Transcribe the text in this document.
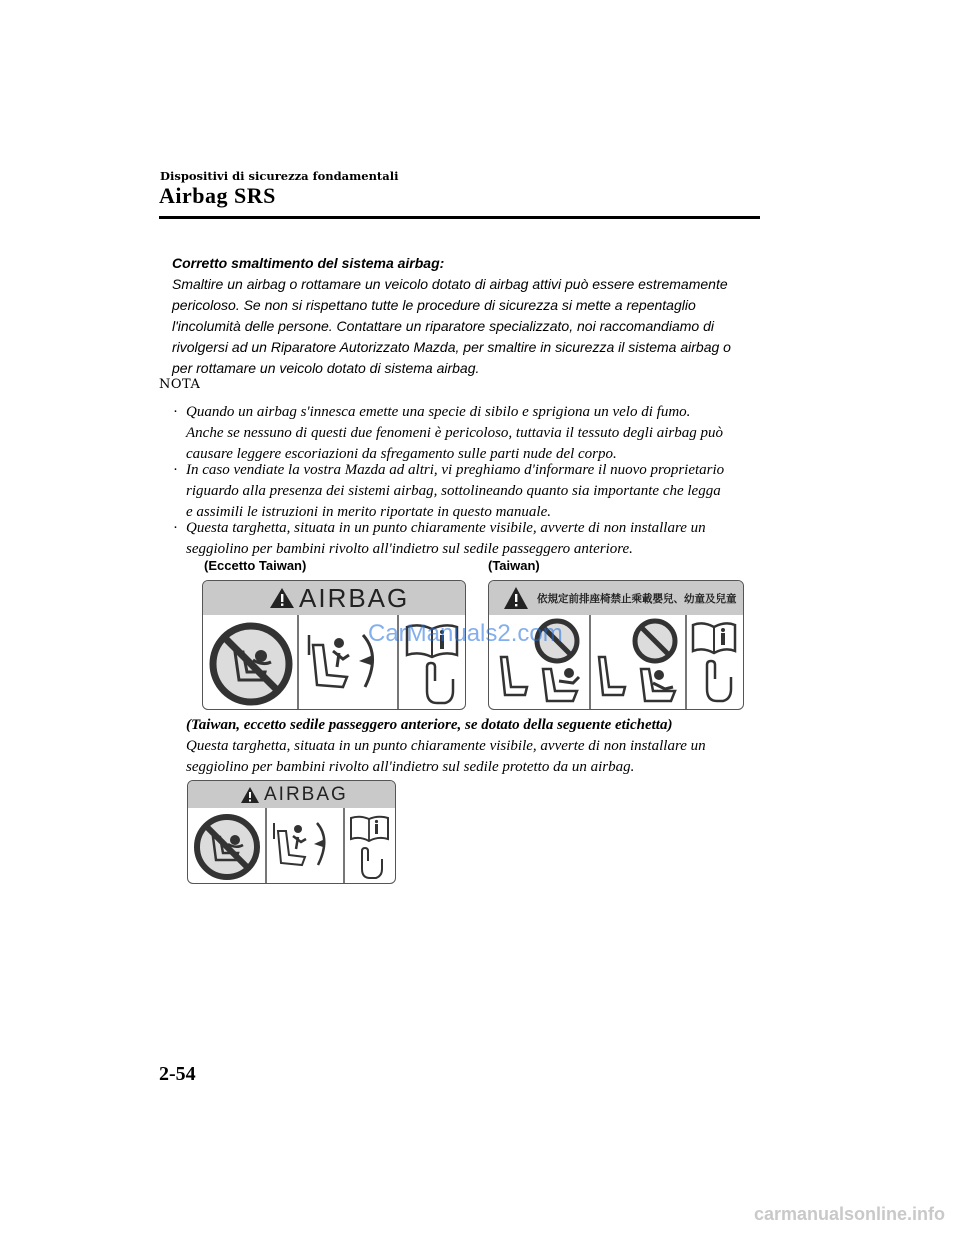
Dispositivi di sicurezza fondamentali
Airbag SRS
Corretto smaltimento del sistema airbag:
Smaltire un airbag o rottamare un veicolo dotato di airbag attivi può essere estremamente
pericoloso. Se non si rispettano tutte le procedure di sicurezza si mette a repentaglio
l'incolumità delle persone. Contattare un riparatore specializzato, noi raccomandiamo di
rivolgersi ad un Riparatore Autorizzato Mazda, per smaltire in sicurezza il sistema airbag o
per rottamare un veicolo dotato di sistema airbag.
NOTA
· Quando un airbag s'innesca emette una specie di sibilo e sprigiona un velo di fumo.
Anche se nessuno di questi due fenomeni è pericoloso, tuttavia il tessuto degli airbag può
causare leggere escoriazioni da sfregamento sulle parti nude del corpo.
· In caso vendiate la vostra Mazda ad altri, vi preghiamo d'informare il nuovo proprietario
riguardo alla presenza dei sistemi airbag, sottolineando quanto sia importante che legga
e assimili le istruzioni in merito riportate in questo manuale.
· Questa targhetta, situata in un punto chiaramente visibile, avverte di non installare un
seggiolino per bambini rivolto all'indietro sul sedile passeggero anteriore.
(Eccetto Taiwan)	(Taiwan)
AIRBAG	依規定前排座椅禁止乘載嬰兒、幼童及兒童
CarManuals2.com
(Taiwan, eccetto sedile passeggero anteriore, se dotato della seguente etichetta)
Questa targhetta, situata in un punto chiaramente visibile, avverte di non installare un
seggiolino per bambini rivolto all'indietro sul sedile protetto da un airbag.
AIRBAG
2-54
carmanualsonline.info
